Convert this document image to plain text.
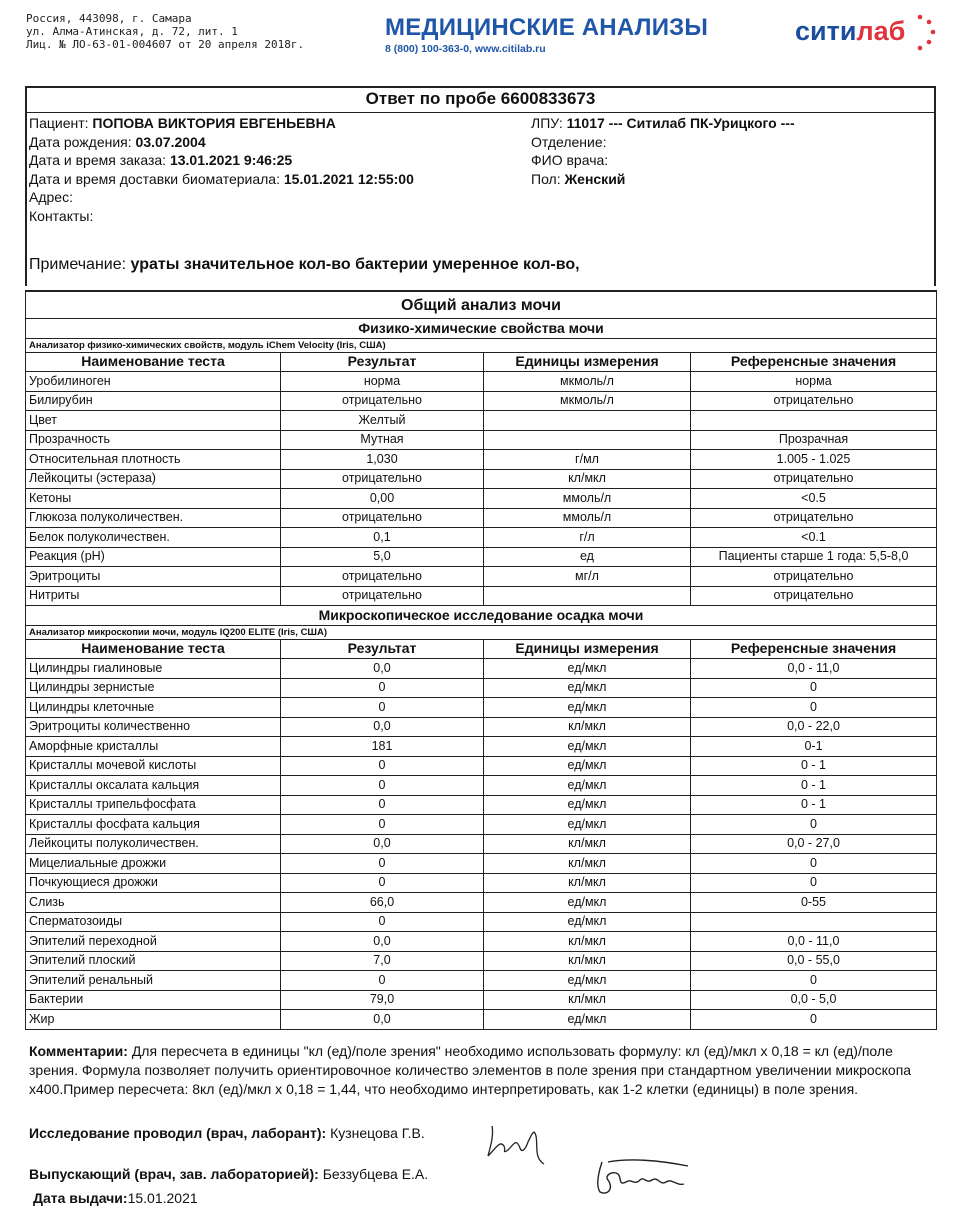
Россия, 443098, г. Самара
ул. Алма-Атинская, д. 72, лит. 1
Лиц. № ЛО-63-01-004607 от 20 апреля 2018г.
МЕДИЦИНСКИЕ АНАЛИЗЫ
8 (800) 100-363-0, www.citilab.ru
ситилаб
Ответ по пробе 6600833673
Пациент: ПОПОВА ВИКТОРИЯ ЕВГЕНЬЕВНА
Дата рождения: 03.07.2004
Дата и время заказа: 13.01.2021 9:46:25
Дата и время доставки биоматериала: 15.01.2021 12:55:00
Адрес:
Контакты:
ЛПУ: 11017 --- Ситилаб ПК-Урицкого ---
Отделение:
ФИО врача:
Пол: Женский
Примечание: ураты значительное кол-во бактерии умеренное кол-во,
Общий анализ мочи			
Физико-химические свойства мочи			
Анализатор физико-химических свойств, модуль iChem Velocity (Iris, США)			
Наименование теста	Результат	Единицы измерения	Референсные значения
Уробилиноген	норма	мкмоль/л	норма
Билирубин	отрицательно	мкмоль/л	отрицательно
Цвет	Желтый		
Прозрачность	Мутная		Прозрачная
Относительная плотность	1,030	г/мл	1.005 - 1.025
Лейкоциты (эстераза)	отрицательно	кл/мкл	отрицательно
Кетоны	0,00	ммоль/л	<0.5
Глюкоза полуколичествен.	отрицательно	ммоль/л	отрицательно
Белок полуколичествен.	0,1	г/л	<0.1
Реакция (pH)	5,0	ед	Пациенты старше 1 года: 5,5-8,0
Эритроциты	отрицательно	мг/л	отрицательно
Нитриты	отрицательно		отрицательно
Микроскопическое исследование осадка мочи			
Анализатор микроскопии мочи, модуль IQ200 ELITE (Iris, США)			
Наименование теста	Результат	Единицы измерения	Референсные значения
Цилиндры гиалиновые	0,0	ед/мкл	0,0 - 11,0
Цилиндры зернистые	0	ед/мкл	0
Цилиндры клеточные	0	ед/мкл	0
Эритроциты количественно	0,0	кл/мкл	0,0 - 22,0
Аморфные кристаллы	181	ед/мкл	0-1
Кристаллы мочевой кислоты	0	ед/мкл	0 - 1
Кристаллы оксалата кальция	0	ед/мкл	0 - 1
Кристаллы трипельфосфата	0	ед/мкл	0 - 1
Кристаллы фосфата кальция	0	ед/мкл	0
Лейкоциты полуколичествен.	0,0	кл/мкл	0,0 - 27,0
Мицелиальные дрожжи	0	кл/мкл	0
Почкующиеся дрожжи	0	кл/мкл	0
Слизь	66,0	ед/мкл	0-55
Сперматозоиды	0	ед/мкл	
Эпителий переходной	0,0	кл/мкл	0,0 - 11,0
Эпителий плоский	7,0	кл/мкл	0,0 - 55,0
Эпителий ренальный	0	ед/мкл	0
Бактерии	79,0	кл/мкл	0,0 - 5,0
Жир	0,0	ед/мкл	0
Комментарии: Для пересчета в единицы "кл (ед)/поле зрения" необходимо использовать формулу: кл (ед)/мкл х 0,18 = кл (ед)/поле зрения. Формула позволяет получить ориентировочное количество элементов в поле зрения при стандартном увеличении микроскопа х400.Пример пересчета: 8кл (ед)/мкл х 0,18 = 1,44, что необходимо интерпретировать, как 1-2 клетки (единицы) в поле зрения.
Исследование проводил (врач, лаборант): Кузнецова Г.В.
Выпускающий (врач, зав. лабораторией): Беззубцева Е.А.
Дата выдачи:15.01.2021
